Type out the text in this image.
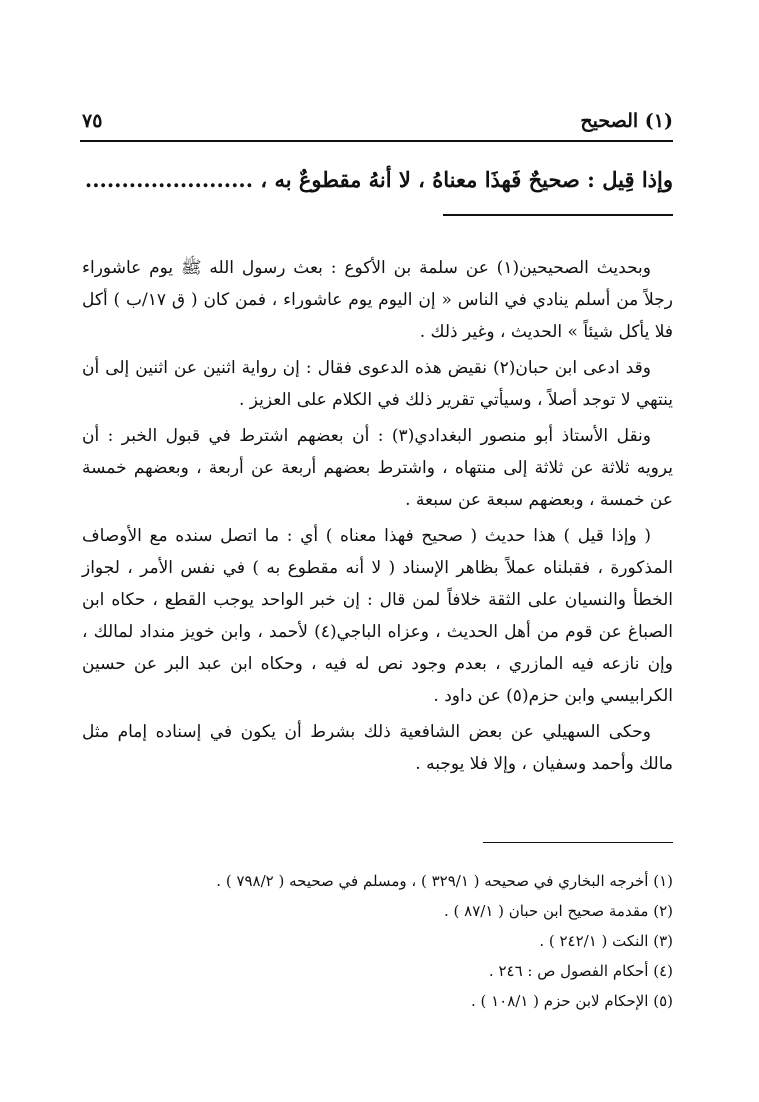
(١) الصحيح
٧٥
وإذا قِيل : صحيحٌ فَهذَا معناهُ ، لا أنهُ مقطوعٌ به ، .......................

وبحديث الصحيحين(١) عن سلمة بن الأكوع : بعث رسول الله ﷺ يوم عاشوراء رجلاً من أسلم ينادي في الناس « إن اليوم يوم عاشوراء ، فمن كان ( ق ١٧/ب ) أكل فلا يأكل شيئاً » الحديث ، وغير ذلك .

وقد ادعى ابن حبان(٢) نقيض هذه الدعوى فقال : إن رواية اثنين عن اثنين إلى أن ينتهي لا توجد أصلاً ، وسيأتي تقرير ذلك في الكلام على العزيز .

ونقل الأستاذ أبو منصور البغدادي(٣) : أن بعضهم اشترط في قبول الخبر : أن يرويه ثلاثة عن ثلاثة إلى منتهاه ، واشترط بعضهم أربعة عن أربعة ، وبعضهم خمسة عن خمسة ، وبعضهم سبعة عن سبعة .

( وإذا قيل ) هذا حديث ( صحيح فهذا معناه ) أي : ما اتصل سنده مع الأوصاف المذكورة ، فقبلناه عملاً بظاهر الإسناد ( لا أنه مقطوع به ) في نفس الأمر ، لجواز الخطأ والنسيان على الثقة خلافاً لمن قال : إن خبر الواحد يوجب القطع ، حكاه ابن الصباغ عن قوم من أهل الحديث ، وعزاه الباجي(٤) لأحمد ، وابن خويز منداد لمالك ، وإن نازعه فيه المازري ، بعدم وجود نص له فيه ، وحكاه ابن عبد البر عن حسين الكرابيسي وابن حزم(٥) عن داود .

وحكى السهيلي عن بعض الشافعية ذلك بشرط أن يكون في إسناده إمام مثل مالك وأحمد وسفيان ، وإلا فلا يوجبه .

(١) أخرجه البخاري في صحيحه ( ٣٢٩/١ ) ، ومسلم في صحيحه ( ٧٩٨/٢ ) .
(٢) مقدمة صحيح ابن حبان ( ٨٧/١ ) .
(٣) النكت ( ٢٤٢/١ ) .
(٤) أحكام الفصول ص : ٢٤٦ .
(٥) الإحكام لابن حزم ( ١٠٨/١ ) .
